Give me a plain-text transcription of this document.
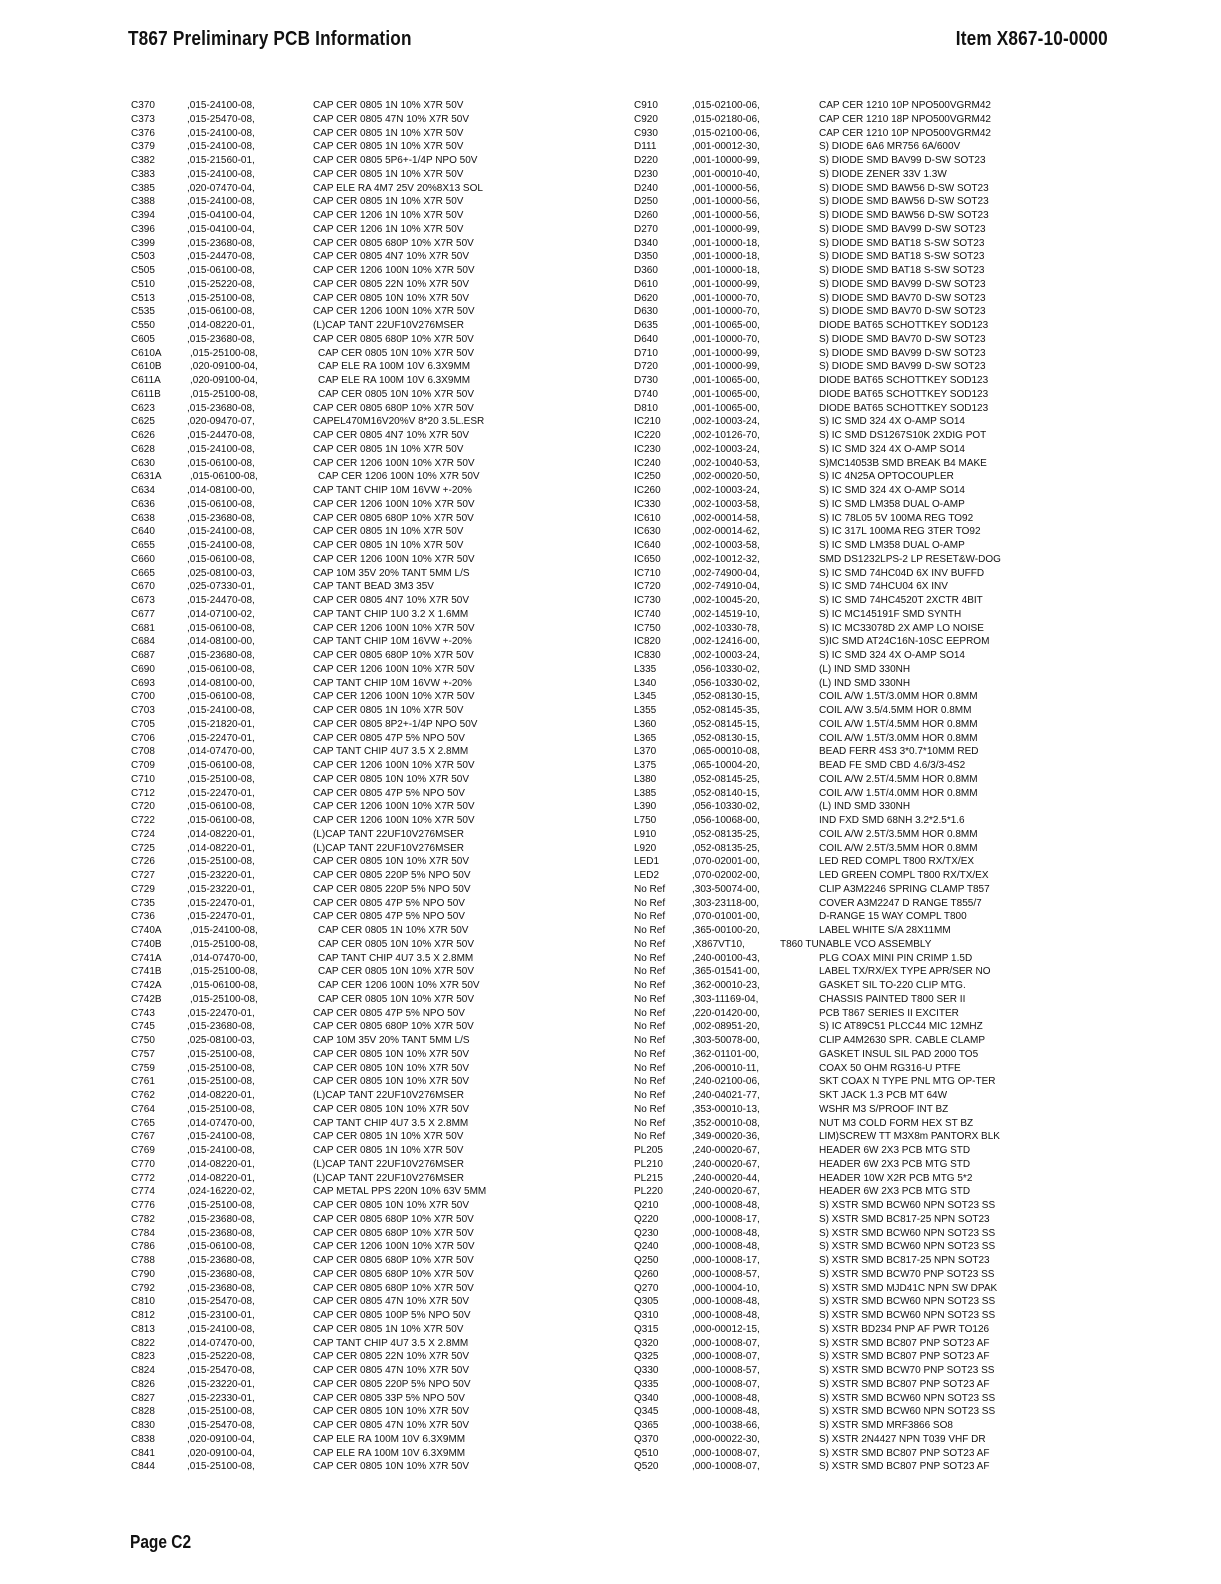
T867 Preliminary PCB Information	Item X867-10-0000
C370	,015-24100-08,	CAP CER 0805 1N 10% X7R 50V
C373	,015-25470-08,	CAP CER 0805 47N 10% X7R 50V
C376	,015-24100-08,	CAP CER 0805 1N 10% X7R 50V
C379	,015-24100-08,	CAP CER 0805 1N 10% X7R 50V
C382	,015-21560-01,	CAP CER 0805 5P6+-1/4P NPO 50V
C383	,015-24100-08,	CAP CER 0805 1N 10% X7R 50V
C385	,020-07470-04,	CAP ELE RA 4M7 25V 20%8X13 SOL
C388	,015-24100-08,	CAP CER 0805 1N 10% X7R 50V
C394	,015-04100-04,	CAP CER 1206 1N 10% X7R 50V
C396	,015-04100-04,	CAP CER 1206 1N 10% X7R 50V
C399	,015-23680-08,	CAP CER 0805 680P 10% X7R 50V
C503	,015-24470-08,	CAP CER 0805 4N7 10% X7R 50V
C505	,015-06100-08,	CAP CER 1206 100N 10% X7R 50V
C510	,015-25220-08,	CAP CER 0805 22N 10% X7R 50V
C513	,015-25100-08,	CAP CER 0805 10N 10% X7R 50V
C535	,015-06100-08,	CAP CER 1206 100N 10% X7R 50V
C550	,014-08220-01,	(L)CAP TANT 22UF10V276MSER
C605	,015-23680-08,	CAP CER 0805 680P 10% X7R 50V
C610A	,015-25100-08,	CAP CER 0805 10N 10% X7R 50V
C610B	,020-09100-04,	CAP ELE RA 100M 10V 6.3X9MM
C611A	,020-09100-04,	CAP ELE RA 100M 10V 6.3X9MM
C611B	,015-25100-08,	CAP CER 0805 10N 10% X7R 50V
C623	,015-23680-08,	CAP CER 0805 680P 10% X7R 50V
C625	,020-09470-07,	CAPEL470M16V20%V 8*20 3.5L.ESR
C626	,015-24470-08,	CAP CER 0805 4N7 10% X7R 50V
C628	,015-24100-08,	CAP CER 0805 1N 10% X7R 50V
C630	,015-06100-08,	CAP CER 1206 100N 10% X7R 50V
C631A	,015-06100-08,	CAP CER 1206 100N 10% X7R 50V
C634	,014-08100-00,	CAP TANT CHIP 10M 16VW +-20%
C636	,015-06100-08,	CAP CER 1206 100N 10% X7R 50V
C638	,015-23680-08,	CAP CER 0805 680P 10% X7R 50V
C640	,015-24100-08,	CAP CER 0805 1N 10% X7R 50V
C655	,015-24100-08,	CAP CER 0805 1N 10% X7R 50V
C660	,015-06100-08,	CAP CER 1206 100N 10% X7R 50V
C665	,025-08100-03,	CAP 10M 35V 20% TANT 5MM L/S
C670	,025-07330-01,	CAP TANT BEAD 3M3 35V
C673	,015-24470-08,	CAP CER 0805 4N7 10% X7R 50V
C677	,014-07100-02,	CAP TANT CHIP 1U0 3.2 X 1.6MM
C681	,015-06100-08,	CAP CER 1206 100N 10% X7R 50V
C684	,014-08100-00,	CAP TANT CHIP 10M 16VW +-20%
C687	,015-23680-08,	CAP CER 0805 680P 10% X7R 50V
C690	,015-06100-08,	CAP CER 1206 100N 10% X7R 50V
C693	,014-08100-00,	CAP TANT CHIP 10M 16VW +-20%
C700	,015-06100-08,	CAP CER 1206 100N 10% X7R 50V
C703	,015-24100-08,	CAP CER 0805 1N 10% X7R 50V
C705	,015-21820-01,	CAP CER 0805 8P2+-1/4P NPO 50V
C706	,015-22470-01,	CAP CER 0805 47P 5% NPO 50V
C708	,014-07470-00,	CAP TANT CHIP 4U7 3.5 X 2.8MM
C709	,015-06100-08,	CAP CER 1206 100N 10% X7R 50V
C710	,015-25100-08,	CAP CER 0805 10N 10% X7R 50V
C712	,015-22470-01,	CAP CER 0805 47P 5% NPO 50V
C720	,015-06100-08,	CAP CER 1206 100N 10% X7R 50V
C722	,015-06100-08,	CAP CER 1206 100N 10% X7R 50V
C724	,014-08220-01,	(L)CAP TANT 22UF10V276MSER
C725	,014-08220-01,	(L)CAP TANT 22UF10V276MSER
C726	,015-25100-08,	CAP CER 0805 10N 10% X7R 50V
C727	,015-23220-01,	CAP CER 0805 220P 5% NPO 50V
C729	,015-23220-01,	CAP CER 0805 220P 5% NPO 50V
C735	,015-22470-01,	CAP CER 0805 47P 5% NPO 50V
C736	,015-22470-01,	CAP CER 0805 47P 5% NPO 50V
C740A	,015-24100-08,	CAP CER 0805 1N 10% X7R 50V
C740B	,015-25100-08,	CAP CER 0805 10N 10% X7R 50V
C741A	,014-07470-00,	CAP TANT CHIP 4U7 3.5 X 2.8MM
C741B	,015-25100-08,	CAP CER 0805 10N 10% X7R 50V
C742A	,015-06100-08,	CAP CER 1206 100N 10% X7R 50V
C742B	,015-25100-08,	CAP CER 0805 10N 10% X7R 50V
C743	,015-22470-01,	CAP CER 0805 47P 5% NPO 50V
C745	,015-23680-08,	CAP CER 0805 680P 10% X7R 50V
C750	,025-08100-03,	CAP 10M 35V 20% TANT 5MM L/S
C757	,015-25100-08,	CAP CER 0805 10N 10% X7R 50V
C759	,015-25100-08,	CAP CER 0805 10N 10% X7R 50V
C761	,015-25100-08,	CAP CER 0805 10N 10% X7R 50V
C762	,014-08220-01,	(L)CAP TANT 22UF10V276MSER
C764	,015-25100-08,	CAP CER 0805 10N 10% X7R 50V
C765	,014-07470-00,	CAP TANT CHIP 4U7 3.5 X 2.8MM
C767	,015-24100-08,	CAP CER 0805 1N 10% X7R 50V
C769	,015-24100-08,	CAP CER 0805 1N 10% X7R 50V
C770	,014-08220-01,	(L)CAP TANT 22UF10V276MSER
C772	,014-08220-01,	(L)CAP TANT 22UF10V276MSER
C774	,024-16220-02,	CAP METAL PPS 220N 10% 63V 5MM
C776	,015-25100-08,	CAP CER 0805 10N 10% X7R 50V
C782	,015-23680-08,	CAP CER 0805 680P 10% X7R 50V
C784	,015-23680-08,	CAP CER 0805 680P 10% X7R 50V
C786	,015-06100-08,	CAP CER 1206 100N 10% X7R 50V
C788	,015-23680-08,	CAP CER 0805 680P 10% X7R 50V
C790	,015-23680-08,	CAP CER 0805 680P 10% X7R 50V
C792	,015-23680-08,	CAP CER 0805 680P 10% X7R 50V
C810	,015-25470-08,	CAP CER 0805 47N 10% X7R 50V
C812	,015-23100-01,	CAP CER 0805 100P 5% NPO 50V
C813	,015-24100-08,	CAP CER 0805 1N 10% X7R 50V
C822	,014-07470-00,	CAP TANT CHIP 4U7 3.5 X 2.8MM
C823	,015-25220-08,	CAP CER 0805 22N 10% X7R 50V
C824	,015-25470-08,	CAP CER 0805 47N 10% X7R 50V
C826	,015-23220-01,	CAP CER 0805 220P 5% NPO 50V
C827	,015-22330-01,	CAP CER 0805 33P 5% NPO 50V
C828	,015-25100-08,	CAP CER 0805 10N 10% X7R 50V
C830	,015-25470-08,	CAP CER 0805 47N 10% X7R 50V
C838	,020-09100-04,	CAP ELE RA 100M 10V 6.3X9MM
C841	,020-09100-04,	CAP ELE RA 100M 10V 6.3X9MM
C844	,015-25100-08,	CAP CER 0805 10N 10% X7R 50V
C910	,015-02100-06,	CAP CER 1210 10P NPO500VGRM42
C920	,015-02180-06,	CAP CER 1210 18P NPO500VGRM42
C930	,015-02100-06,	CAP CER 1210 10P NPO500VGRM42
D111	,001-00012-30,	S) DIODE 6A6 MR756 6A/600V
D220	,001-10000-99,	S) DIODE SMD BAV99 D-SW SOT23
D230	,001-00010-40,	S) DIODE ZENER 33V 1.3W
D240	,001-10000-56,	S) DIODE SMD BAW56 D-SW SOT23
D250	,001-10000-56,	S) DIODE SMD BAW56 D-SW SOT23
D260	,001-10000-56,	S) DIODE SMD BAW56 D-SW SOT23
D270	,001-10000-99,	S) DIODE SMD BAV99 D-SW SOT23
D340	,001-10000-18,	S) DIODE SMD BAT18 S-SW SOT23
D350	,001-10000-18,	S) DIODE SMD BAT18 S-SW SOT23
D360	,001-10000-18,	S) DIODE SMD BAT18 S-SW SOT23
D610	,001-10000-99,	S) DIODE SMD BAV99 D-SW SOT23
D620	,001-10000-70,	S) DIODE SMD BAV70 D-SW SOT23
D630	,001-10000-70,	S) DIODE SMD BAV70 D-SW SOT23
D635	,001-10065-00,	DIODE BAT65 SCHOTTKEY SOD123
D640	,001-10000-70,	S) DIODE SMD BAV70 D-SW SOT23
D710	,001-10000-99,	S) DIODE SMD BAV99 D-SW SOT23
D720	,001-10000-99,	S) DIODE SMD BAV99 D-SW SOT23
D730	,001-10065-00,	DIODE BAT65 SCHOTTKEY SOD123
D740	,001-10065-00,	DIODE BAT65 SCHOTTKEY SOD123
D810	,001-10065-00,	DIODE BAT65 SCHOTTKEY SOD123
IC210	,002-10003-24,	S) IC SMD 324 4X O-AMP SO14
IC220	,002-10126-70,	S) IC SMD DS1267S10K 2XDIG POT
IC230	,002-10003-24,	S) IC SMD 324 4X O-AMP SO14
IC240	,002-10040-53,	S)MC14053B SMD BREAK B4 MAKE
IC250	,002-00020-50,	S) IC 4N25A OPTOCOUPLER
IC260	,002-10003-24,	S) IC SMD 324 4X O-AMP SO14
IC330	,002-10003-58,	S) IC SMD LM358 DUAL O-AMP
IC610	,002-00014-58,	S) IC 78L05 5V 100MA REG TO92
IC630	,002-00014-62,	S) IC 317L 100MA REG 3TER TO92
IC640	,002-10003-58,	S) IC SMD LM358 DUAL O-AMP
IC650	,002-10012-32,	SMD DS1232LPS-2 LP RESET&W-DOG
IC710	,002-74900-04,	S) IC SMD 74HC04D 6X INV BUFFD
IC720	,002-74910-04,	S) IC SMD 74HCU04 6X INV
IC730	,002-10045-20,	S) IC SMD 74HC4520T 2XCTR 4BIT
IC740	,002-14519-10,	S) IC MC145191F SMD SYNTH
IC750	,002-10330-78,	S) IC MC33078D 2X AMP LO NOISE
IC820	,002-12416-00,	S)IC SMD AT24C16N-10SC EEPROM
IC830	,002-10003-24,	S) IC SMD 324 4X O-AMP SO14
L335	,056-10330-02,	(L) IND SMD 330NH
L340	,056-10330-02,	(L) IND SMD 330NH
L345	,052-08130-15,	COIL A/W 1.5T/3.0MM HOR 0.8MM
L355	,052-08145-35,	COIL A/W 3.5/4.5MM HOR 0.8MM
L360	,052-08145-15,	COIL A/W 1.5T/4.5MM HOR 0.8MM
L365	,052-08130-15,	COIL A/W 1.5T/3.0MM HOR 0.8MM
L370	,065-00010-08,	BEAD FERR 4S3 3*0.7*10MM RED
L375	,065-10004-20,	BEAD FE SMD CBD 4.6/3/3-4S2
L380	,052-08145-25,	COIL A/W 2.5T/4.5MM HOR 0.8MM
L385	,052-08140-15,	COIL A/W 1.5T/4.0MM HOR 0.8MM
L390	,056-10330-02,	(L) IND SMD 330NH
L750	,056-10068-00,	IND FXD SMD 68NH 3.2*2.5*1.6
L910	,052-08135-25,	COIL A/W 2.5T/3.5MM HOR 0.8MM
L920	,052-08135-25,	COIL A/W 2.5T/3.5MM HOR 0.8MM
LED1	,070-02001-00,	LED RED COMPL T800 RX/TX/EX
LED2	,070-02002-00,	LED GREEN COMPL T800 RX/TX/EX
No Ref	,303-50074-00,	CLIP A3M2246 SPRING CLAMP T857
No Ref	,303-23118-00,	COVER A3M2247 D RANGE T855/7
No Ref	,070-01001-00,	D-RANGE 15 WAY COMPL T800
No Ref	,365-00100-20,	LABEL WHITE S/A 28X11MM
No Ref	,X867VT10,	T860 TUNABLE VCO ASSEMBLY
No Ref	,240-00100-43,	PLG COAX MINI PIN CRIMP 1.5D
No Ref	,365-01541-00,	LABEL TX/RX/EX TYPE APR/SER NO
No Ref	,362-00010-23,	GASKET SIL TO-220 CLIP MTG.
No Ref	,303-11169-04,	CHASSIS PAINTED T800 SER II
No Ref	,220-01420-00,	PCB T867 SERIES II EXCITER
No Ref	,002-08951-20,	S) IC AT89C51 PLCC44 MIC 12MHZ
No Ref	,303-50078-00,	CLIP A4M2630 SPR. CABLE CLAMP
No Ref	,362-01101-00,	GASKET INSUL SIL PAD 2000 TO5
No Ref	,206-00010-11,	COAX 50 OHM RG316-U PTFE
No Ref	,240-02100-06,	SKT COAX N TYPE PNL MTG OP-TER
No Ref	,240-04021-77,	SKT JACK 1.3 PCB MT 64W
No Ref	,353-00010-13,	WSHR M3 S/PROOF INT BZ
No Ref	,352-00010-08,	NUT M3 COLD FORM HEX ST BZ
No Ref	,349-00020-36,	LIM)SCREW TT M3X8m PANTORX BLK
PL205	,240-00020-67,	HEADER 6W 2X3 PCB MTG STD
PL210	,240-00020-67,	HEADER 6W 2X3 PCB MTG STD
PL215	,240-00020-44,	HEADER 10W X2R PCB MTG 5*2
PL220	,240-00020-67,	HEADER 6W 2X3 PCB MTG STD
Q210	,000-10008-48,	S) XSTR SMD BCW60 NPN SOT23 SS
Q220	,000-10008-17,	S) XSTR SMD BC817-25 NPN SOT23
Q230	,000-10008-48,	S) XSTR SMD BCW60 NPN SOT23 SS
Q240	,000-10008-48,	S) XSTR SMD BCW60 NPN SOT23 SS
Q250	,000-10008-17,	S) XSTR SMD BC817-25 NPN SOT23
Q260	,000-10008-57,	S) XSTR SMD BCW70 PNP SOT23 SS
Q270	,000-10004-10,	S) XSTR SMD MJD41C NPN SW DPAK
Q305	,000-10008-48,	S) XSTR SMD BCW60 NPN SOT23 SS
Q310	,000-10008-48,	S) XSTR SMD BCW60 NPN SOT23 SS
Q315	,000-00012-15,	S) XSTR BD234 PNP AF PWR TO126
Q320	,000-10008-07,	S) XSTR SMD BC807 PNP SOT23 AF
Q325	,000-10008-07,	S) XSTR SMD BC807 PNP SOT23 AF
Q330	,000-10008-57,	S) XSTR SMD BCW70 PNP SOT23 SS
Q335	,000-10008-07,	S) XSTR SMD BC807 PNP SOT23 AF
Q340	,000-10008-48,	S) XSTR SMD BCW60 NPN SOT23 SS
Q345	,000-10008-48,	S) XSTR SMD BCW60 NPN SOT23 SS
Q365	,000-10038-66,	S) XSTR SMD MRF3866 SO8
Q370	,000-00022-30,	S) XSTR 2N4427 NPN T039 VHF DR
Q510	,000-10008-07,	S) XSTR SMD BC807 PNP SOT23 AF
Q520	,000-10008-07,	S) XSTR SMD BC807 PNP SOT23 AF
Page C2
